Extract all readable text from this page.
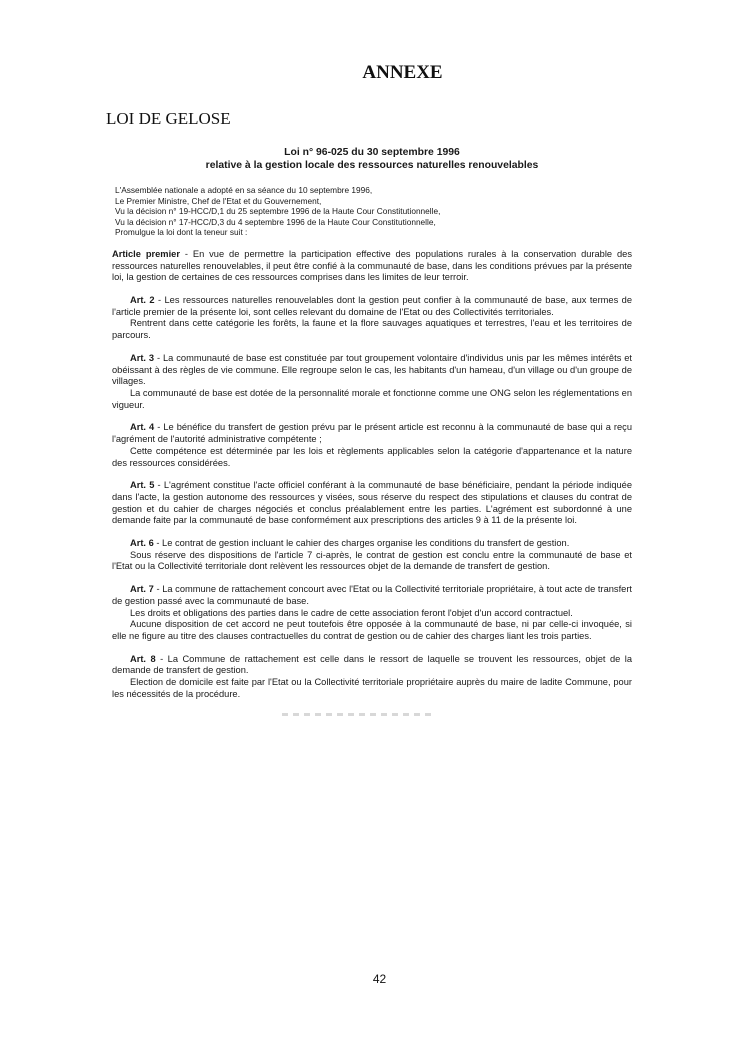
ANNEXE
LOI DE GELOSE
Loi n° 96-025 du 30 septembre 1996
relative à la gestion locale des ressources naturelles renouvelables
L'Assemblée nationale a adopté en sa séance du 10 septembre 1996,
Le Premier Ministre, Chef de l'Etat et du Gouvernement,
Vu la décision n° 19-HCC/D,1 du 25 septembre 1996 de la Haute Cour Constitutionnelle,
Vu la décision n° 17-HCC/D,3 du 4 septembre 1996 de la Haute Cour Constitutionnelle,
Promulgue la loi dont la teneur suit :

Article premier - En vue de permettre la participation effective des populations rurales à la conservation durable des ressources naturelles renouvelables, il peut être confié à la communauté de base, dans les conditions prévues par la présente loi, la gestion de certaines de ces ressources comprises dans les limites de leur terroir.

Art. 2 - Les ressources naturelles renouvelables dont la gestion peut confier à la communauté de base, aux termes de l'article premier de la présente loi, sont celles relevant du domaine de l'Etat ou des Collectivités territoriales.

Rentrent dans cette catégorie les forêts, la faune et la flore sauvages aquatiques et terrestres, l'eau et les territoires de parcours.

Art. 3 - La communauté de base est constituée par tout groupement volontaire d'individus unis par les mêmes intérêts et obéissant à des règles de vie commune. Elle regroupe selon le cas, les habitants d'un hameau, d'un village ou d'un groupe de villages.

La communauté de base est dotée de la personnalité morale et fonctionne comme une ONG selon les réglementations en vigueur.

Art. 4 - Le bénéfice du transfert de gestion prévu par le présent article est reconnu à la communauté de base qui a reçu l'agrément de l'autorité administrative compétente ;

Cette compétence est déterminée par les lois et règlements applicables selon la catégorie d'appartenance et la nature des ressources considérées.

Art. 5 - L'agrément constitue l'acte officiel conférant à la communauté de base bénéficiaire, pendant la période indiquée dans l'acte, la gestion autonome des ressources y visées, sous réserve du respect des stipulations et clauses du contrat de gestion et du cahier de charges négociés et conclus préalablement entre les parties. L'agrément est subordonné à une demande faite par la communauté de base conformément aux prescriptions des articles 9 à 11 de la présente loi.

Art. 6 - Le contrat de gestion incluant le cahier des charges organise les conditions du transfert de gestion.

Sous réserve des dispositions de l'article 7 ci-après, le contrat de gestion est conclu entre la communauté de base et l'Etat ou la Collectivité territoriale dont relèvent les ressources objet de la demande de transfert de gestion.

Art. 7 - La commune de rattachement concourt avec l'Etat ou la Collectivité territoriale propriétaire, à tout acte de transfert de gestion passé avec la communauté de base.

Les droits et obligations des parties dans le cadre de cette association feront l'objet d'un accord contractuel.

Aucune disposition de cet accord ne peut toutefois être opposée à la communauté de base, ni par celle-ci invoquée, si elle ne figure au titre des clauses contractuelles du contrat de gestion ou de cahier des charges liant les trois parties.

Art. 8 - La Commune de rattachement est celle dans le ressort de laquelle se trouvent les ressources, objet de la demande de transfert de gestion.

Election de domicile est faite par l'Etat ou la Collectivité territoriale propriétaire auprès du maire de ladite Commune, pour les nécessités de la procédure.

42
